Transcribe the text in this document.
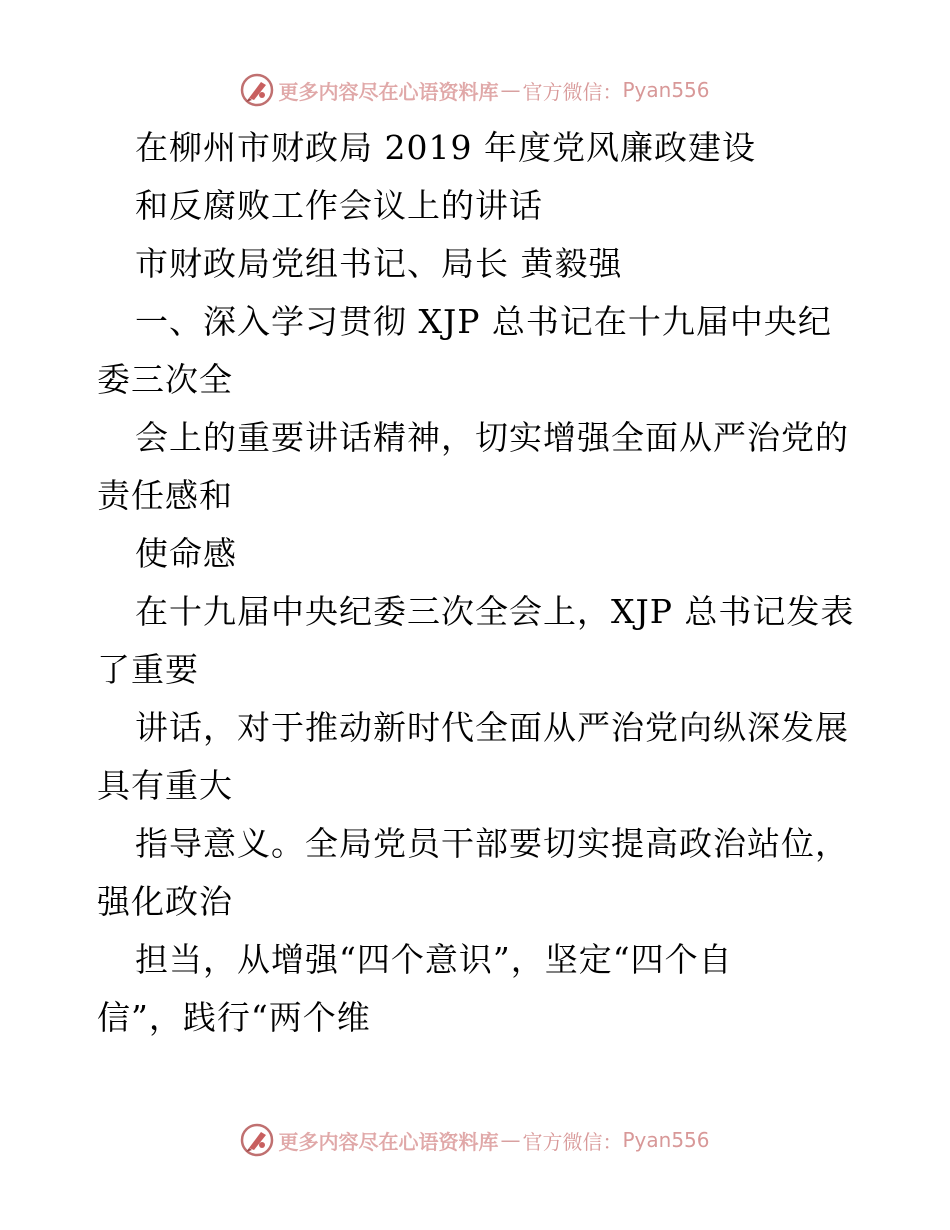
更多内容尽在心语资料库 — 官方微信： Pyan556
在柳州市财政局 2019 年度党风廉政建设
和反腐败工作会议上的讲话
市财政局党组书记、局长 黄毅强
一、深入学习贯彻 XJP 总书记在十九届中央纪
委三次全
会上的重要讲话精神，切实增强全面从严治党的
责任感和
使命感
在十九届中央纪委三次全会上，XJP 总书记发表
了重要
讲话，对于推动新时代全面从严治党向纵深发展
具有重大
指导意义。全局党员干部要切实提高政治站位，
强化政治
担当，从增强“四个意识”，坚定“四个自
信”，践行“两个维
更多内容尽在心语资料库 — 官方微信： Pyan556
